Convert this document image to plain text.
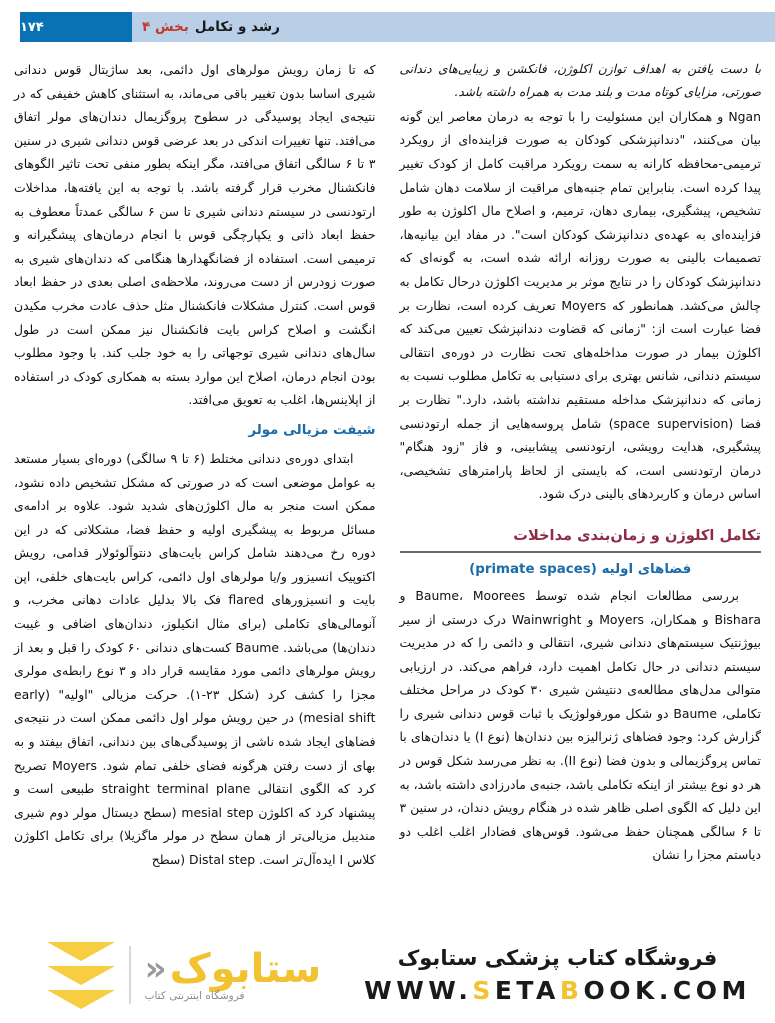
رشد و تکامل
بخش ۴
۱۷۴

با دست یافتن به اهداف توازن اکلوژن، فانکشن و زیبایی‌های دندانی صورتی، مزایای کوتاه مدت و بلند مدت به همراه داشته باشد.

Ngan و همکاران این مسئولیت را با توجه به درمان معاصر این گونه بیان می‌کنند، "دندانپزشکی کودکان به صورت فزاینده‌ای از رویکرد ترمیمی-محافظه کارانه به سمت رویکرد مراقبت کامل از کودک تغییر پیدا کرده است. بنابراین تمام جنبه‌های مراقبت از سلامت دهان شامل تشخیص، پیشگیری، بیماری دهان، ترمیم، و اصلاح مال اکلوژن به طور فزاینده‌ای به عهده‌ی دندانپزشک کودکان است". در مفاد این بیانیه‌ها، تصمیمات بالینی به صورت روزانه ارائه شده است، به گونه‌ای که دندانپزشک کودکان را در نتایج موثر بر مدیریت اکلوژن درحال تکامل به چالش می‌کشد. همانطور که Moyers تعریف کرده است، نظارت بر فضا عبارت است از: "زمانی که قضاوت دندانپزشک تعیین می‌کند که اکلوژن بیمار در صورت مداخله‌های تحت نظارت در دوره‌ی انتقالی سیستم دندانی، شانس بهتری برای دستیابی به تکامل مطلوب نسبت به زمانی که دندانپزشک مداخله مستقیم نداشته باشد، دارد." نظارت بر فضا (space supervision) شامل پروسه‌هایی از جمله ارتودنسی پیشگیری، هدایت رویشی، ارتودنسی پیشابینی، و فاز "زود هنگام" درمان ارتودنسی است، که بایستی از لحاظ پارامترهای تشخیصی، اساس درمان و کاربردهای بالینی درک شود.

تکامل اکلوژن و زمان‌بندی مداخلات
فضاهای اولیه (primate spaces)

بررسی مطالعات انجام شده توسط Baume، Moorees و Bishara و همکاران، Moyers و Wainwright درک درستی از سیر بیوژنتیک سیستم‌های دندانی شیری، انتقالی و دائمی را که در مدیریت سیستم دندانی در حال تکامل اهمیت دارد، فراهم می‌کند. در ارزیابی متوالی مدل‌های مطالعه‌ی دنتیشن شیری ۳۰ کودک در مراحل مختلف تکاملی، Baume دو شکل مورفولوژیک با ثبات قوس دندانی شیری را گزارش کرد: وجود فضاهای ژنرالیزه بین دندان‌ها (نوع I) یا دندان‌های با تماس پروگزیمالی و بدون فضا (نوع II). به نظر می‌رسد شکل قوس در هر دو نوع بیشتر از اینکه تکاملی باشد، جنبه‌ی مادرزادی داشته باشد، به این دلیل که الگوی اصلی ظاهر شده در هنگام رویش دندان، در سنین ۳ تا ۶ سالگی همچنان حفظ می‌شود. قوس‌های فضادار اغلب اغلب دو دیاستم مجزا را نشان

که تا زمان رویش مولرهای اول دائمی، بعد ساژیتال قوس دندانی شیری اساسا بدون تغییر باقی می‌ماند، به استثنای کاهش خفیفی که در نتیجه‌ی ایجاد پوسیدگی در سطوح پروگزیمال دندان‌های مولر اتفاق می‌افتد. تنها تغییرات اندکی در بعد عرضی قوس دندانی شیری در سنین ۳ تا ۶ سالگی اتفاق می‌افتد، مگر اینکه بطور منفی تحت تاثیر الگوهای فانکشنال مخرب قرار گرفته باشد. با توجه به این یافته‌ها، مداخلات ارتودنسی در سیستم دندانی شیری تا سن ۶ سالگی عمدتاً معطوف به حفظ ابعاد ذاتی و یکپارچگی قوس با انجام درمان‌های پیشگیرانه و ترمیمی است. استفاده از فضانگهدارها هنگامی که دندان‌های شیری به صورت زودرس از دست می‌روند، ملاحظه‌ی اصلی بعدی در حفظ ابعاد قوس است. کنترل مشکلات فانکشنال مثل حذف عادت مخرب مکیدن انگشت و اصلاح کراس بایت فانکشنال نیز ممکن است در طول سال‌های دندانی شیری توجهاتی را به خود جلب کند. با وجود مطلوب بودن انجام درمان، اصلاح این موارد بسته به همکاری کودک در استفاده از اپلاینس‌ها، اغلب به تعویق می‌افتد.

شیفت مزیالی مولر

ابتدای دوره‌ی دندانی مختلط (۶ تا ۹ سالگی) دوره‌ای بسیار مستعد به عوامل موضعی است که در صورتی که مشکل تشخیص داده نشود، ممکن است منجر به مال اکلوژن‌های شدید شود. علاوه بر ادامه‌ی مسائل مربوط به پیشگیری اولیه و حفظ فضا، مشکلاتی که در این دوره رخ می‌دهند شامل کراس بایت‌های دنتوآلوئولار قدامی، رویش اکتوپیک انسیزور و/یا مولرهای اول دائمی، کراس بایت‌های خلفی، اپن بایت و انسیزورهای flared فک بالا بدلیل عادات دهانی مخرب، و آنومالی‌های تکاملی (برای مثال انکیلوز، دندان‌های اضافی و غیبت دندان‌ها) می‌باشد. Baume کست‌های دندانی ۶۰ کودک را قبل و بعد از رویش مولرهای دائمی مورد مقایسه قرار داد و ۳ نوع رابطه‌ی مولری مجزا را کشف کرد (شکل ۲۳-۱). حرکت مزیالی "اولیه" (early mesial shift) در حین رویش مولر اول دائمی ممکن است در نتیجه‌ی فضاهای ایجاد شده ناشی از پوسیدگی‌های بین دندانی، اتفاق بیفتد و به بهای از دست رفتن هرگونه فضای خلفی تمام شود. Moyers تصریح کرد که الگوی انتقالی straight terminal plane طبیعی است و پیشنهاد کرد که اکلوژن mesial step (سطح دیستال مولر دوم شیری مندیبل مزیالی‌تر از همان سطح در مولر ماگزیلا) برای تکامل اکلوژن کلاس I ایده‌آل‌تر است. Distal step (سطح

ستابوک
«
فروشگاه اینترنتی کتاب
فروشگاه کتاب پزشکی ستابوک
WWW.SETABOOK.COM
